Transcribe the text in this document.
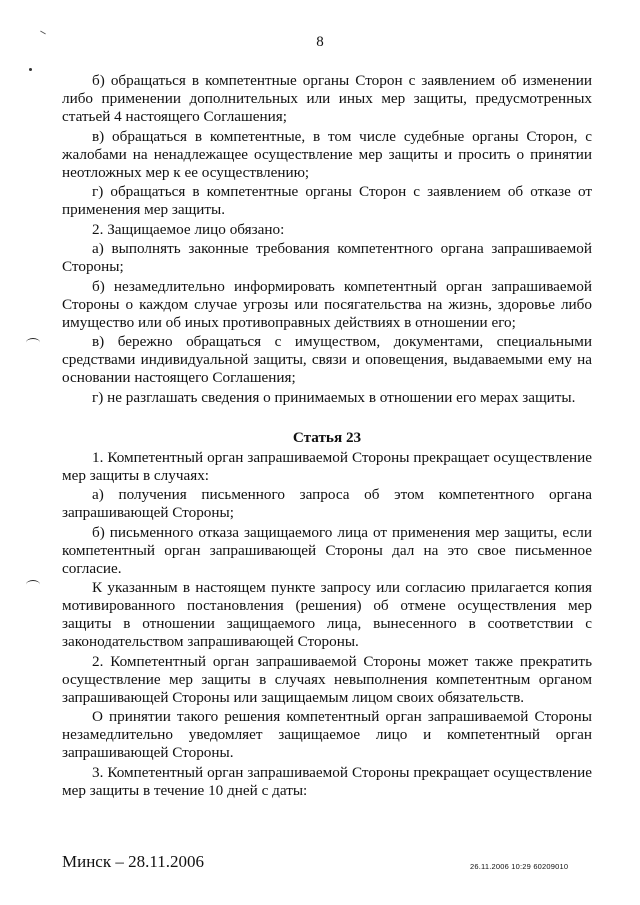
8

б) обращаться в компетентные органы Сторон с заявлением об изменении либо применении дополнительных или иных мер защиты, предусмотренных статьей 4 настоящего Соглашения;

в) обращаться в компетентные, в том числе судебные органы Сторон, с жалобами на ненадлежащее осуществление мер защиты и просить о принятии неотложных мер к ее осуществлению;

г) обращаться в компетентные органы Сторон с заявлением об отказе от применения мер защиты.

2. Защищаемое лицо обязано:

а) выполнять законные требования компетентного органа запрашиваемой Стороны;

б) незамедлительно информировать компетентный орган запрашиваемой Стороны о каждом случае угрозы или посягательства на жизнь, здоровье либо имущество или об иных противоправных действиях в отношении его;

в) бережно обращаться с имуществом, документами, специальными средствами индивидуальной защиты, связи и оповещения, выдаваемыми ему на основании настоящего Соглашения;

г) не разглашать сведения о принимаемых в отношении его мерах защиты.

Статья 23

1. Компетентный орган запрашиваемой Стороны прекращает осуществление мер защиты в случаях:

а) получения письменного запроса об этом компетентного органа запрашивающей Стороны;

б) письменного отказа защищаемого лица от применения мер защиты, если компетентный орган запрашивающей Стороны дал на это свое письменное согласие.

К указанным в настоящем пункте запросу или согласию прилагается копия мотивированного постановления (решения) об отмене осуществления мер защиты в отношении защищаемого лица, вынесенного в соответствии с законодательством запрашивающей Стороны.

2. Компетентный орган запрашиваемой Стороны может также прекратить осуществление мер защиты в случаях невыполнения компетентным органом запрашивающей Стороны или защищаемым лицом своих обязательств.

О принятии такого решения компетентный орган запрашиваемой Стороны незамедлительно уведомляет защищаемое лицо и компетентный орган запрашивающей Стороны.

3. Компетентный орган запрашиваемой Стороны прекращает осуществление мер защиты в течение 10 дней с даты:

Минск – 28.11.2006	26.11.2006 10:29 60209010
